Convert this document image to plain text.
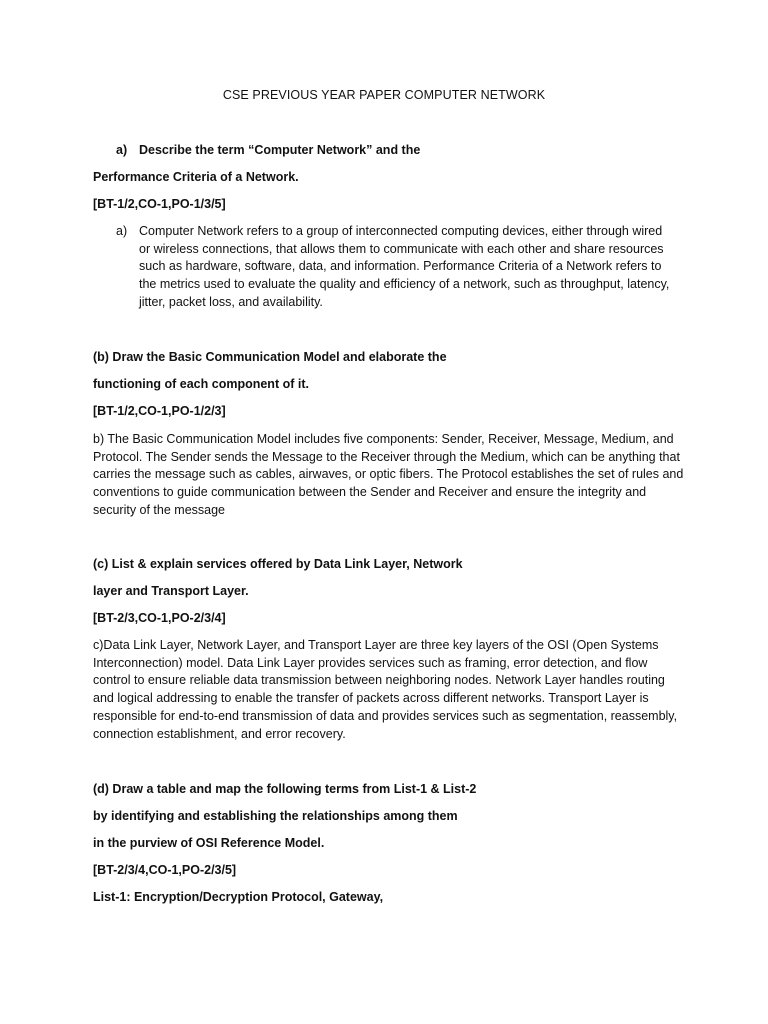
CSE PREVIOUS YEAR PAPER COMPUTER NETWORK
a) Describe the term “Computer Network” and the
Performance Criteria of a Network.
[BT-1/2,CO-1,PO-1/3/5]
a) Computer Network refers to a group of interconnected computing devices, either through wired or wireless connections, that allows them to communicate with each other and share resources such as hardware, software, data, and information. Performance Criteria of a Network refers to the metrics used to evaluate the quality and efficiency of a network, such as throughput, latency, jitter, packet loss, and availability.
(b) Draw the Basic Communication Model and elaborate the
functioning of each component of it.
[BT-1/2,CO-1,PO-1/2/3]
b) The Basic Communication Model includes five components: Sender, Receiver, Message, Medium, and Protocol. The Sender sends the Message to the Receiver through the Medium, which can be anything that carries the message such as cables, airwaves, or optic fibers. The Protocol establishes the set of rules and conventions to guide communication between the Sender and Receiver and ensure the integrity and security of the message
(c) List & explain services offered by Data Link Layer, Network
layer and Transport Layer.
[BT-2/3,CO-1,PO-2/3/4]
c)Data Link Layer, Network Layer, and Transport Layer are three key layers of the OSI (Open Systems Interconnection) model. Data Link Layer provides services such as framing, error detection, and flow control to ensure reliable data transmission between neighboring nodes. Network Layer handles routing and logical addressing to enable the transfer of packets across different networks. Transport Layer is responsible for end-to-end transmission of data and provides services such as segmentation, reassembly, connection establishment, and error recovery.
(d) Draw a table and map the following terms from List-1 & List-2
by identifying and establishing the relationships among them
in the purview of OSI Reference Model.
[BT-2/3/4,CO-1,PO-2/3/5]
List-1: Encryption/Decryption Protocol, Gateway,
